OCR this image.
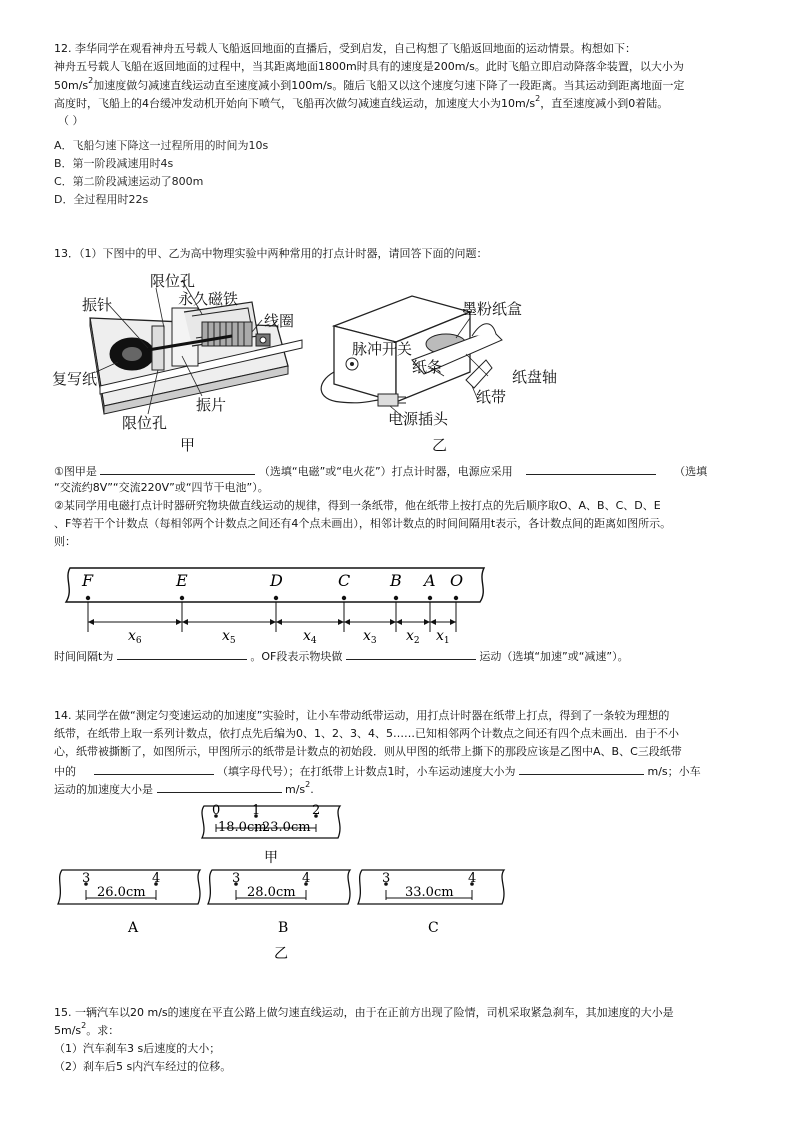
12. 李华同学在观看神舟五号载人飞船返回地面的直播后，受到启发，自己构想了飞船返回地面的运动情景。构想如下：
神舟五号载人飞船在返回地面的过程中，当其距离地面1800m时具有的速度是200m/s。此时飞船立即启动降落伞装置，以大小为
$50m/s^2$加速度做匀减速直线运动直至速度减小到100m/s。随后飞船又以这个速度匀速下降了一段距离。当其运动到距离地面一定
高度时，飞船上的4台缓冲发动机开始向下喷气，飞船再次做匀减速直线运动，加速度大小为$10m/s^2$，直至速度减小到0着陆。
（ ）
A．飞船匀速下降这一过程所用的时间为10s
B．第一阶段减速用时4s
C．第二阶段减速运动了800m
D．全过程用时22s
13．（1）下图中的甲、乙为高中物理实验中两种常用的打点计时器，请回答下面的问题：
限位孔
永久磁铁
振针
线圈
复写纸
限位孔
振片
甲
墨粉纸盒
脉冲开关
纸盘轴
纸带
电源插头
纸条
乙
①图甲是	（选填“电磁”或“电火花”）打点计时器，电源应采用	（选填
“交流约8V”“交流220V”或“四节干电池”）。
②某同学用电磁打点计时器研究物块做直线运动的规律，得到一条纸带，他在纸带上按打点的先后顺序取O、A、B、C、D、E
、F等若干个计数点（每相邻两个计数点之间还有4个点未画出），相邻计数点的时间间隔用t表示，各计数点间的距离如图所示。
则：
F	E	D	C B A O
$x_6$	$x_5$	$x_4$	$x_3$ $x_2$ $x_1$
时间间隔t为	。OF段表示物块做	运动（选填“加速”或“减速”）。
14. 某同学在做“测定匀变速运动的加速度”实验时，让小车带动纸带运动，用打点计时器在纸带上打点，得到了一条较为理想的
纸带，在纸带上取一系列计数点，依打点先后编为0、1、2、3、4、5……已知相邻两个计数点之间还有四个点未画出．由于不小
心，纸带被撕断了，如图所示，甲图所示的纸带是计数点的初始段．则从甲图的纸带上撕下的那段应该是乙图中A、B、C三段纸带
中的	（填字母代号）；在打纸带上计数点1时，小车运动速度大小为	m/s；小车
运动的加速度大小是	$m/s^2$.
0 1	2
18.0cm
23.0cm
甲
3	4
26.0cm
A
3	4
28.0cm
B
3	4
33.0cm
C
乙
15. 一辆汽车以20 m/s的速度在平直公路上做匀速直线运动，由于在正前方出现了险情，司机采取紧急刹车，其加速度的大小是
$5m/s^2$。求：
（1）汽车刹车3 s后速度的大小；
（2）刹车后5 s内汽车经过的位移。
